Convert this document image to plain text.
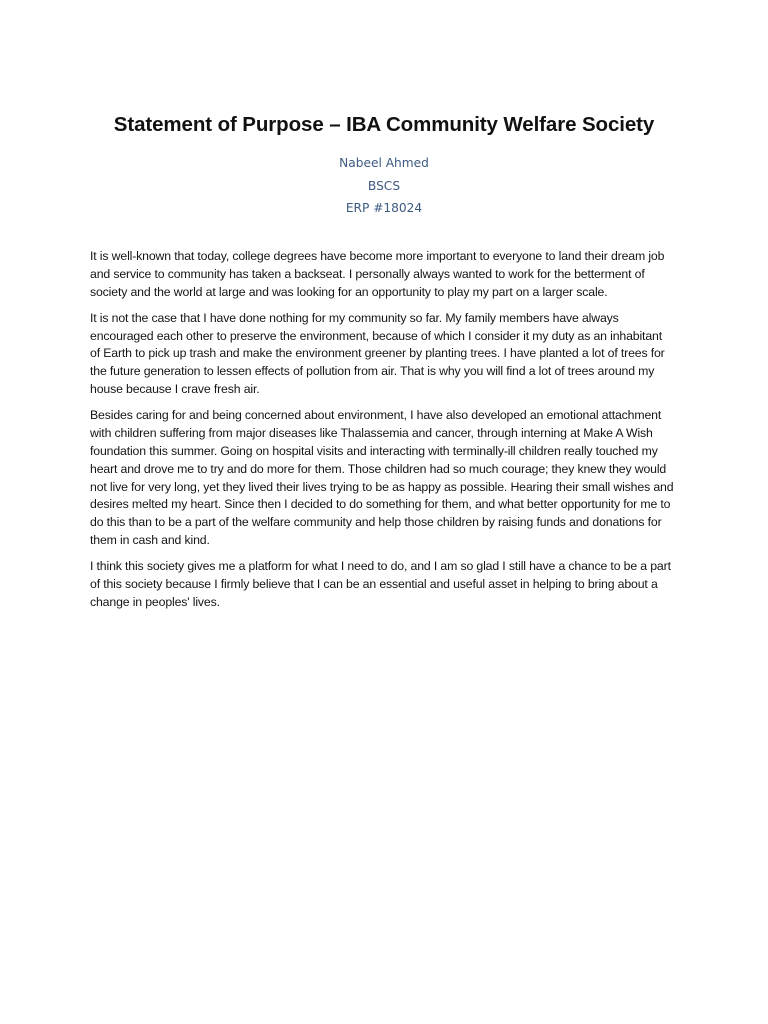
Statement of Purpose – IBA Community Welfare Society
Nabeel Ahmed
BSCS
ERP #18024

It is well-known that today, college degrees have become more important to everyone to land their dream job and service to community has taken a backseat. I personally always wanted to work for the betterment of society and the world at large and was looking for an opportunity to play my part on a larger scale.

It is not the case that I have done nothing for my community so far. My family members have always encouraged each other to preserve the environment, because of which I consider it my duty as an inhabitant of Earth to pick up trash and make the environment greener by planting trees. I have planted a lot of trees for the future generation to lessen effects of pollution from air. That is why you will find a lot of trees around my house because I crave fresh air.

Besides caring for and being concerned about environment, I have also developed an emotional attachment with children suffering from major diseases like Thalassemia and cancer, through interning at Make A Wish foundation this summer. Going on hospital visits and interacting with terminally-ill children really touched my heart and drove me to try and do more for them. Those children had so much courage; they knew they would not live for very long, yet they lived their lives trying to be as happy as possible. Hearing their small wishes and desires melted my heart. Since then I decided to do something for them, and what better opportunity for me to do this than to be a part of the welfare community and help those children by raising funds and donations for them in cash and kind.

I think this society gives me a platform for what I need to do, and I am so glad I still have a chance to be a part of this society because I firmly believe that I can be an essential and useful asset in helping to bring about a change in peoples' lives.
